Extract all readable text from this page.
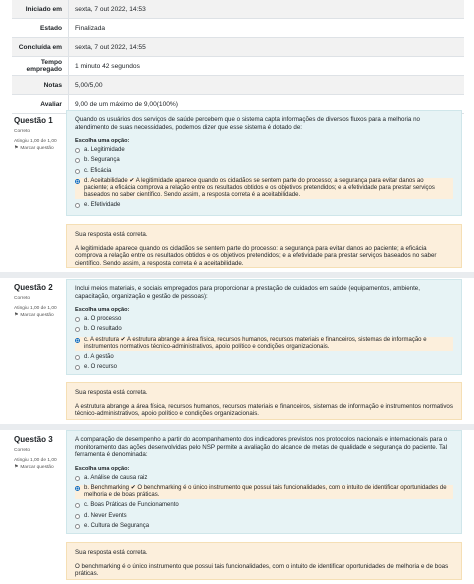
Iniciado em	sexta, 7 out 2022, 14:53
Estado	Finalizada
Concluída em	sexta, 7 out 2022, 14:55
Tempo empregado	1 minuto 42 segundos
Notas	5,00/5,00
Avaliar	9,00 de um máximo de 9,00(100%)
Questão 1
Correto
Atingiu 1,00 de 1,00
⚑ Marcar questão
Quando os usuários dos serviços de saúde percebem que o sistema capta informações de diversos fluxos para a melhoria no atendimento de suas necessidades, podemos dizer que esse sistema é dotado de:
Escolha uma opção:
a. Legitimidade
b. Segurança
c. Eficácia
d. Aceitabilidade ✔ A legitimidade aparece quando os cidadãos se sentem parte do processo; a segurança para evitar danos ao paciente; a eficácia comprova a relação entre os resultados obtidos e os objetivos pretendidos; e a efetividade para prestar serviços baseados no saber científico. Sendo assim, a resposta correta é a aceitabilidade.
e. Efetividade
Sua resposta está correta.
A legitimidade aparece quando os cidadãos se sentem parte do processo: a segurança para evitar danos ao paciente; a eficácia comprova a relação entre os resultados obtidos e os objetivos pretendidos; e a efetividade para prestar serviços baseados no saber científico. Sendo assim, a resposta correta é a aceitabilidade.
Questão 2
Correto
Atingiu 1,00 de 1,00
⚑ Marcar questão
Inclui meios materiais, e sociais empregados para proporcionar a prestação de cuidados em saúde (equipamentos, ambiente, capacitação, organização e gestão de pessoas):
Escolha uma opção:
a. O processo
b. O resultado
c. A estrutura ✔ A estrutura abrange a área física, recursos humanos, recursos materiais e financeiros, sistemas de informação e instrumentos normativos técnico-administrativos, apoio político e condições organizacionais.
d. A gestão
e. O recurso
Sua resposta está correta.
A estrutura abrange a área física, recursos humanos, recursos materiais e financeiros, sistemas de informação e instrumentos normativos técnico-administrativos, apoio político e condições organizacionais.
Questão 3
Correto
Atingiu 1,00 de 1,00
⚑ Marcar questão
A comparação de desempenho a partir do acompanhamento dos indicadores previstos nos protocolos nacionais e internacionais para o monitoramento das ações desenvolvidas pelo NSP permite a avaliação do alcance de metas de qualidade e segurança do paciente. Tal ferramenta é denominada:
Escolha uma opção:
a. Análise de causa raiz
b. Benchmarking ✔ O benchmarking é o único instrumento que possui tais funcionalidades, com o intuito de identificar oportunidades de melhoria e de boas práticas.
c. Boas Práticas de Funcionamento
d. Never Events
e. Cultura de Segurança
Sua resposta está correta.
O benchmarking é o único instrumento que possui tais funcionalidades, com o intuito de identificar oportunidades de melhoria e de boas práticas.
